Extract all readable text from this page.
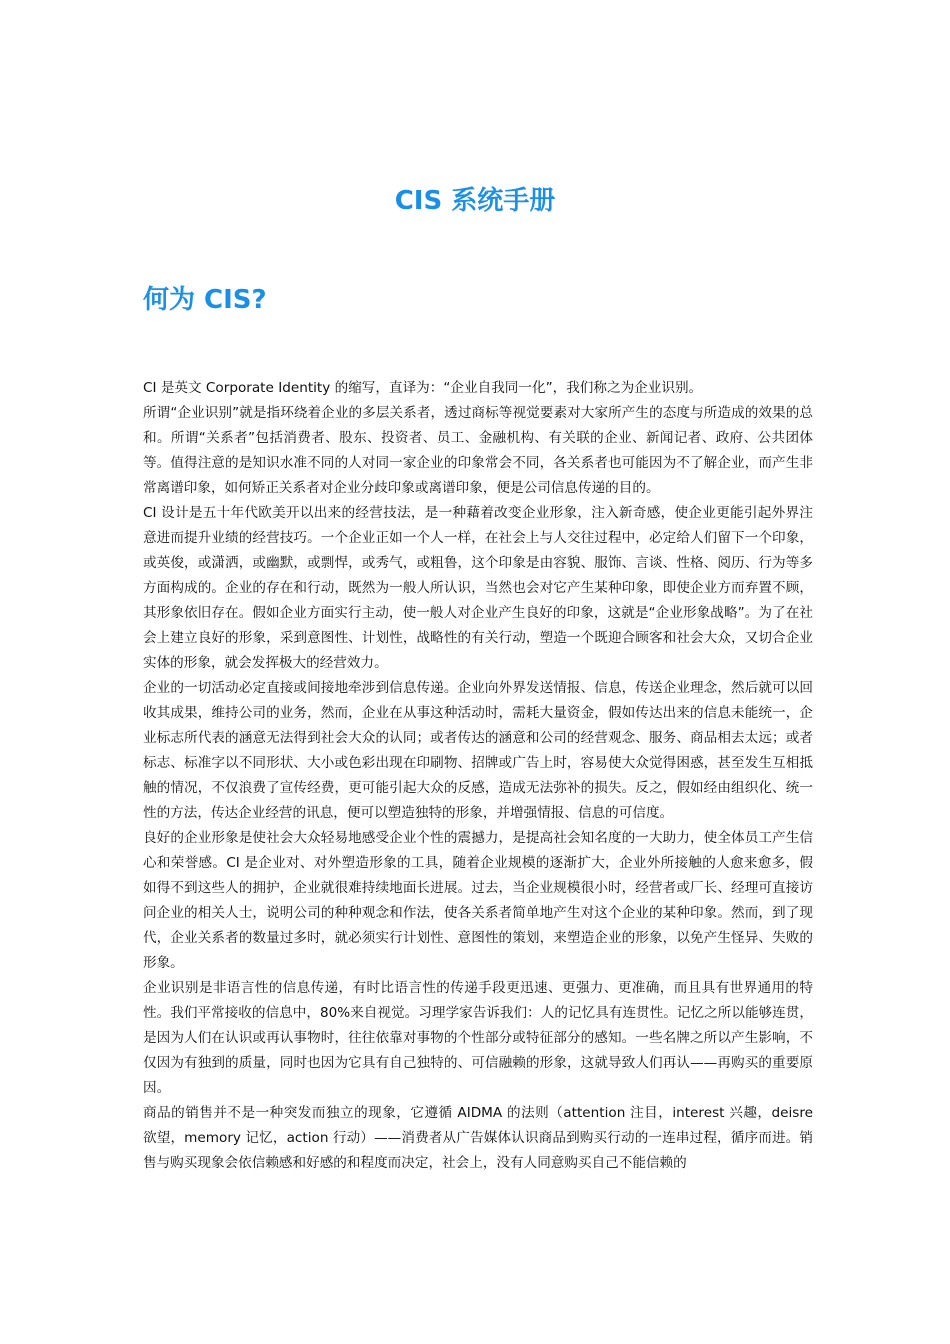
CIS 系统手册
何为 CIS?

CI 是英文 Corporate Identity 的缩写，直译为：“企业自我同一化”，我们称之为企业识别。

所谓“企业识别”就是指环绕着企业的多层关系者，透过商标等视觉要素对大家所产生的态度与所造成的效果的总和。所谓“关系者”包括消费者、股东、投资者、员工、金融机构、有关联的企业、新闻记者、政府、公共团体等。值得注意的是知识水准不同的人对同一家企业的印象常会不同，各关系者也可能因为不了解企业，而产生非常离谱印象，如何矫正关系者对企业分歧印象或离谱印象，便是公司信息传递的目的。

CI 设计是五十年代欧美开以出来的经营技法，是一种藉着改变企业形象，注入新奇感，使企业更能引起外界注意进而提升业绩的经营技巧。一个企业正如一个人一样，在社会上与人交往过程中，必定给人们留下一个印象，或英俊，或潇洒，或幽默，或剽悍，或秀气，或粗鲁，这个印象是由容貌、服饰、言谈、性格、阅历、行为等多方面构成的。企业的存在和行动，既然为一般人所认识，当然也会对它产生某种印象，即使企业方而弃置不顾，其形象依旧存在。假如企业方面实行主动，使一般人对企业产生良好的印象，这就是“企业形象战略”。为了在社会上建立良好的形象，采到意图性、计划性，战略性的有关行动，塑造一个既迎合顾客和社会大众，又切合企业实体的形象，就会发挥极大的经营效力。

企业的一切活动必定直接或间接地牵涉到信息传递。企业向外界发送情报、信息，传送企业理念，然后就可以回收其成果，维持公司的业务，然而，企业在从事这种活动时，需耗大量资金，假如传达出来的信息未能统一，企业标志所代表的涵意无法得到社会大众的认同；或者传达的涵意和公司的经营观念、服务、商品相去太远；或者标志、标准字以不同形状、大小或色彩出现在印刷物、招牌或广告上时，容易使大众觉得困惑，甚至发生互相抵触的情况，不仅浪费了宣传经费，更可能引起大众的反感，造成无法弥补的损失。反之，假如经由组织化、统一性的方法，传达企业经营的讯息，便可以塑造独特的形象，并增强情报、信息的可信度。

良好的企业形象是使社会大众轻易地感受企业个性的震撼力，是提高社会知名度的一大助力，使全体员工产生信心和荣誉感。CI 是企业对、对外塑造形象的工具，随着企业规模的逐渐扩大，企业外所接触的人愈来愈多，假如得不到这些人的拥护，企业就很难持续地面长进展。过去，当企业规模很小时，经营者或厂长、经理可直接访问企业的相关人士，说明公司的种种观念和作法，使各关系者简单地产生对这个企业的某种印象。然而，到了现代，企业关系者的数量过多时，就必须实行计划性、意图性的策划，来塑造企业的形象，以免产生怪异、失败的形象。

企业识别是非语言性的信息传递，有时比语言性的传递手段更迅速、更强力、更准确，而且具有世界通用的特性。我们平常接收的信息中，80%来自视觉。习理学家告诉我们：人的记忆具有连贯性。记忆之所以能够连贯，是因为人们在认识或再认事物时，往往依靠对事物的个性部分或特征部分的感知。一些名牌之所以产生影响，不仅因为有独到的质量，同时也因为它具有自己独特的、可信融赖的形象，这就导致人们再认——再购买的重要原因。

商品的销售并不是一种突发而独立的现象，它遵循 AIDMA 的法则（attention 注目，interest 兴趣，deisre 欲望，memory 记忆，action 行动）——消费者从广告媒体认识商品到购买行动的一连串过程，循序而进。销售与购买现象会依信赖感和好感的和程度而决定，社会上，没有人同意购买自己不能信赖的
